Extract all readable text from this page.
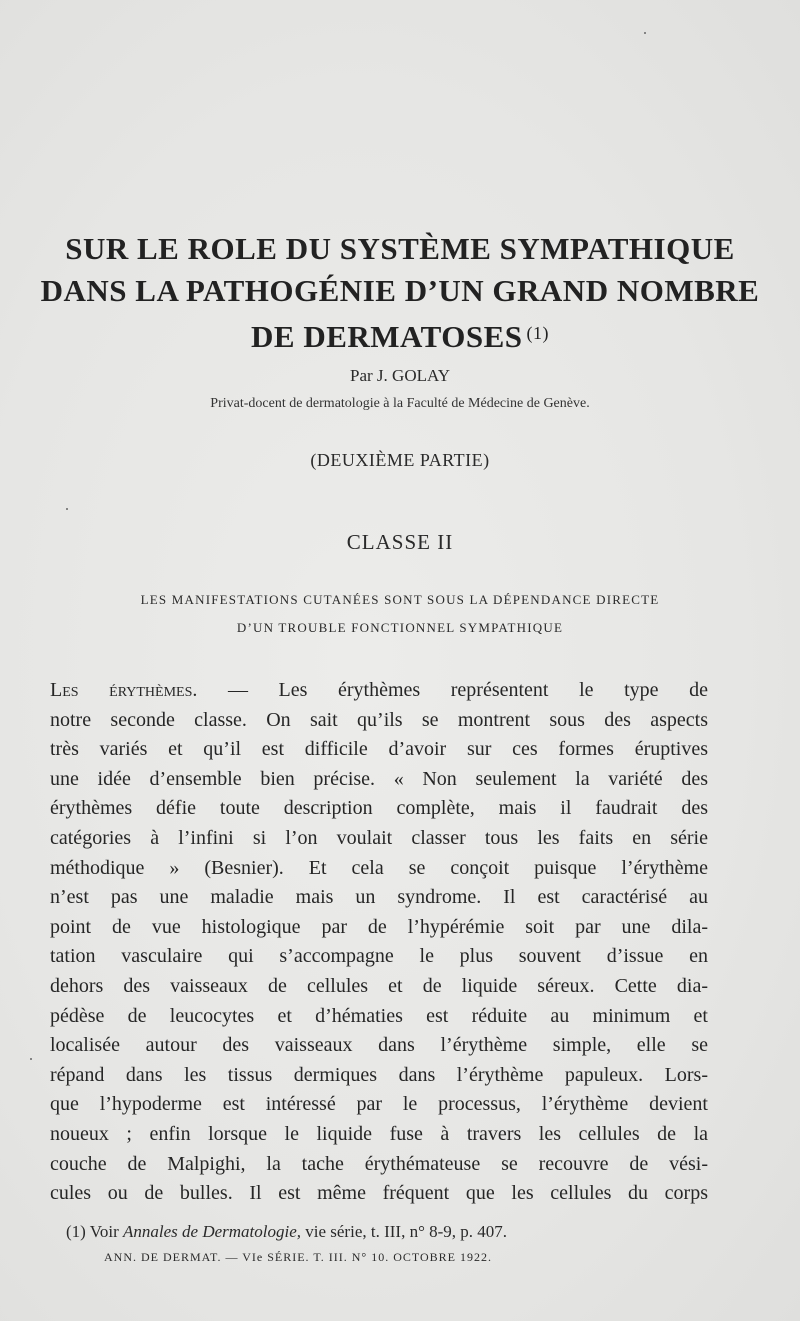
SUR LE ROLE DU SYSTÈME SYMPATHIQUE
DANS LA PATHOGÉNIE D’UN GRAND NOMBRE
DE DERMATOSES $^{(1)}$
Par J. GOLAY
Privat-docent de dermatologie à la Faculté de Médecine de Genève.
(DEUXIÈME PARTIE)
CLASSE II
LES MANIFESTATIONS CUTANÉES SONT SOUS LA DÉPENDANCE DIRECTE
D’UN TROUBLE FONCTIONNEL SYMPATHIQUE
Les érythèmes. — Les érythèmes représentent le type de
notre seconde classe. On sait qu’ils se montrent sous des aspects
très variés et qu’il est difficile d’avoir sur ces formes éruptives
une idée d’ensemble bien précise. « Non seulement la variété des
érythèmes défie toute description complète, mais il faudrait des
catégories à l’infini si l’on voulait classer tous les faits en série
méthodique » (Besnier). Et cela se conçoit puisque l’érythème
n’est pas une maladie mais un syndrome. Il est caractérisé au
point de vue histologique par de l’hypérémie soit par une dila-
tation vasculaire qui s’accompagne le plus souvent d’issue en
dehors des vaisseaux de cellules et de liquide séreux. Cette dia-
pédèse de leucocytes et d’hématies est réduite au minimum et
localisée autour des vaisseaux dans l’érythème simple, elle se
répand dans les tissus dermiques dans l’érythème papuleux. Lors-
que l’hypoderme est intéressé par le processus, l’érythème devient
noueux ; enfin lorsque le liquide fuse à travers les cellules de la
couche de Malpighi, la tache érythémateuse se recouvre de vési-
cules ou de bulles. Il est même fréquent que les cellules du corps
(1) Voir Annales de Dermatologie, vie série, t. III, n° 8-9, p. 407.
ANN. DE DERMAT. — VIe SÉRIE. T. III. N° 10. OCTOBRE 1922.
